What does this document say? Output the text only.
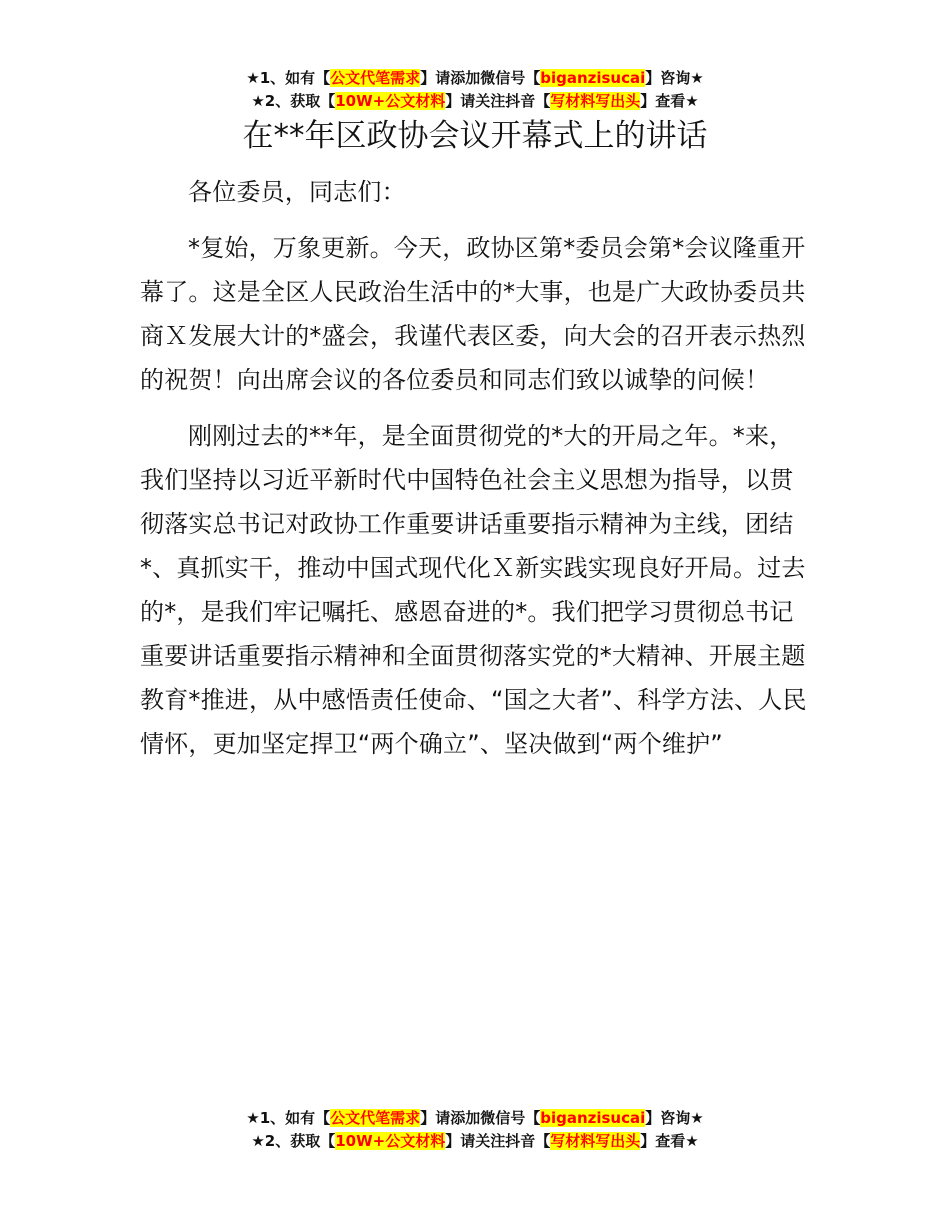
★1、如有【公文代笔需求】请添加微信号【biganzisucai】咨询★
★2、获取【10W+公文材料】请关注抖音【写材料写出头】查看★
在**年区政协会议开幕式上的讲话

各位委员，同志们：

*复始，万象更新。今天，政协区第*委员会第*会议隆重开幕了。这是全区人民政治生活中的*大事，也是广大政协委员共商Ｘ发展大计的*盛会，我谨代表区委，向大会的召开表示热烈的祝贺！向出席会议的各位委员和同志们致以诚挚的问候！

刚刚过去的**年，是全面贯彻党的*大的开局之年。*来，我们坚持以习近平新时代中国特色社会主义思想为指导，以贯彻落实总书记对政协工作重要讲话重要指示精神为主线，团结*、真抓实干，推动中国式现代化Ｘ新实践实现良好开局。过去的*，是我们牢记嘱托、感恩奋进的*。我们把学习贯彻总书记重要讲话重要指示精神和全面贯彻落实党的*大精神、开展主题教育*推进，从中感悟责任使命、“国之大者”、科学方法、人民情怀，更加坚定捍卫“两个确立”、坚决做到“两个维护”

★1、如有【公文代笔需求】请添加微信号【biganzisucai】咨询★
★2、获取【10W+公文材料】请关注抖音【写材料写出头】查看★
